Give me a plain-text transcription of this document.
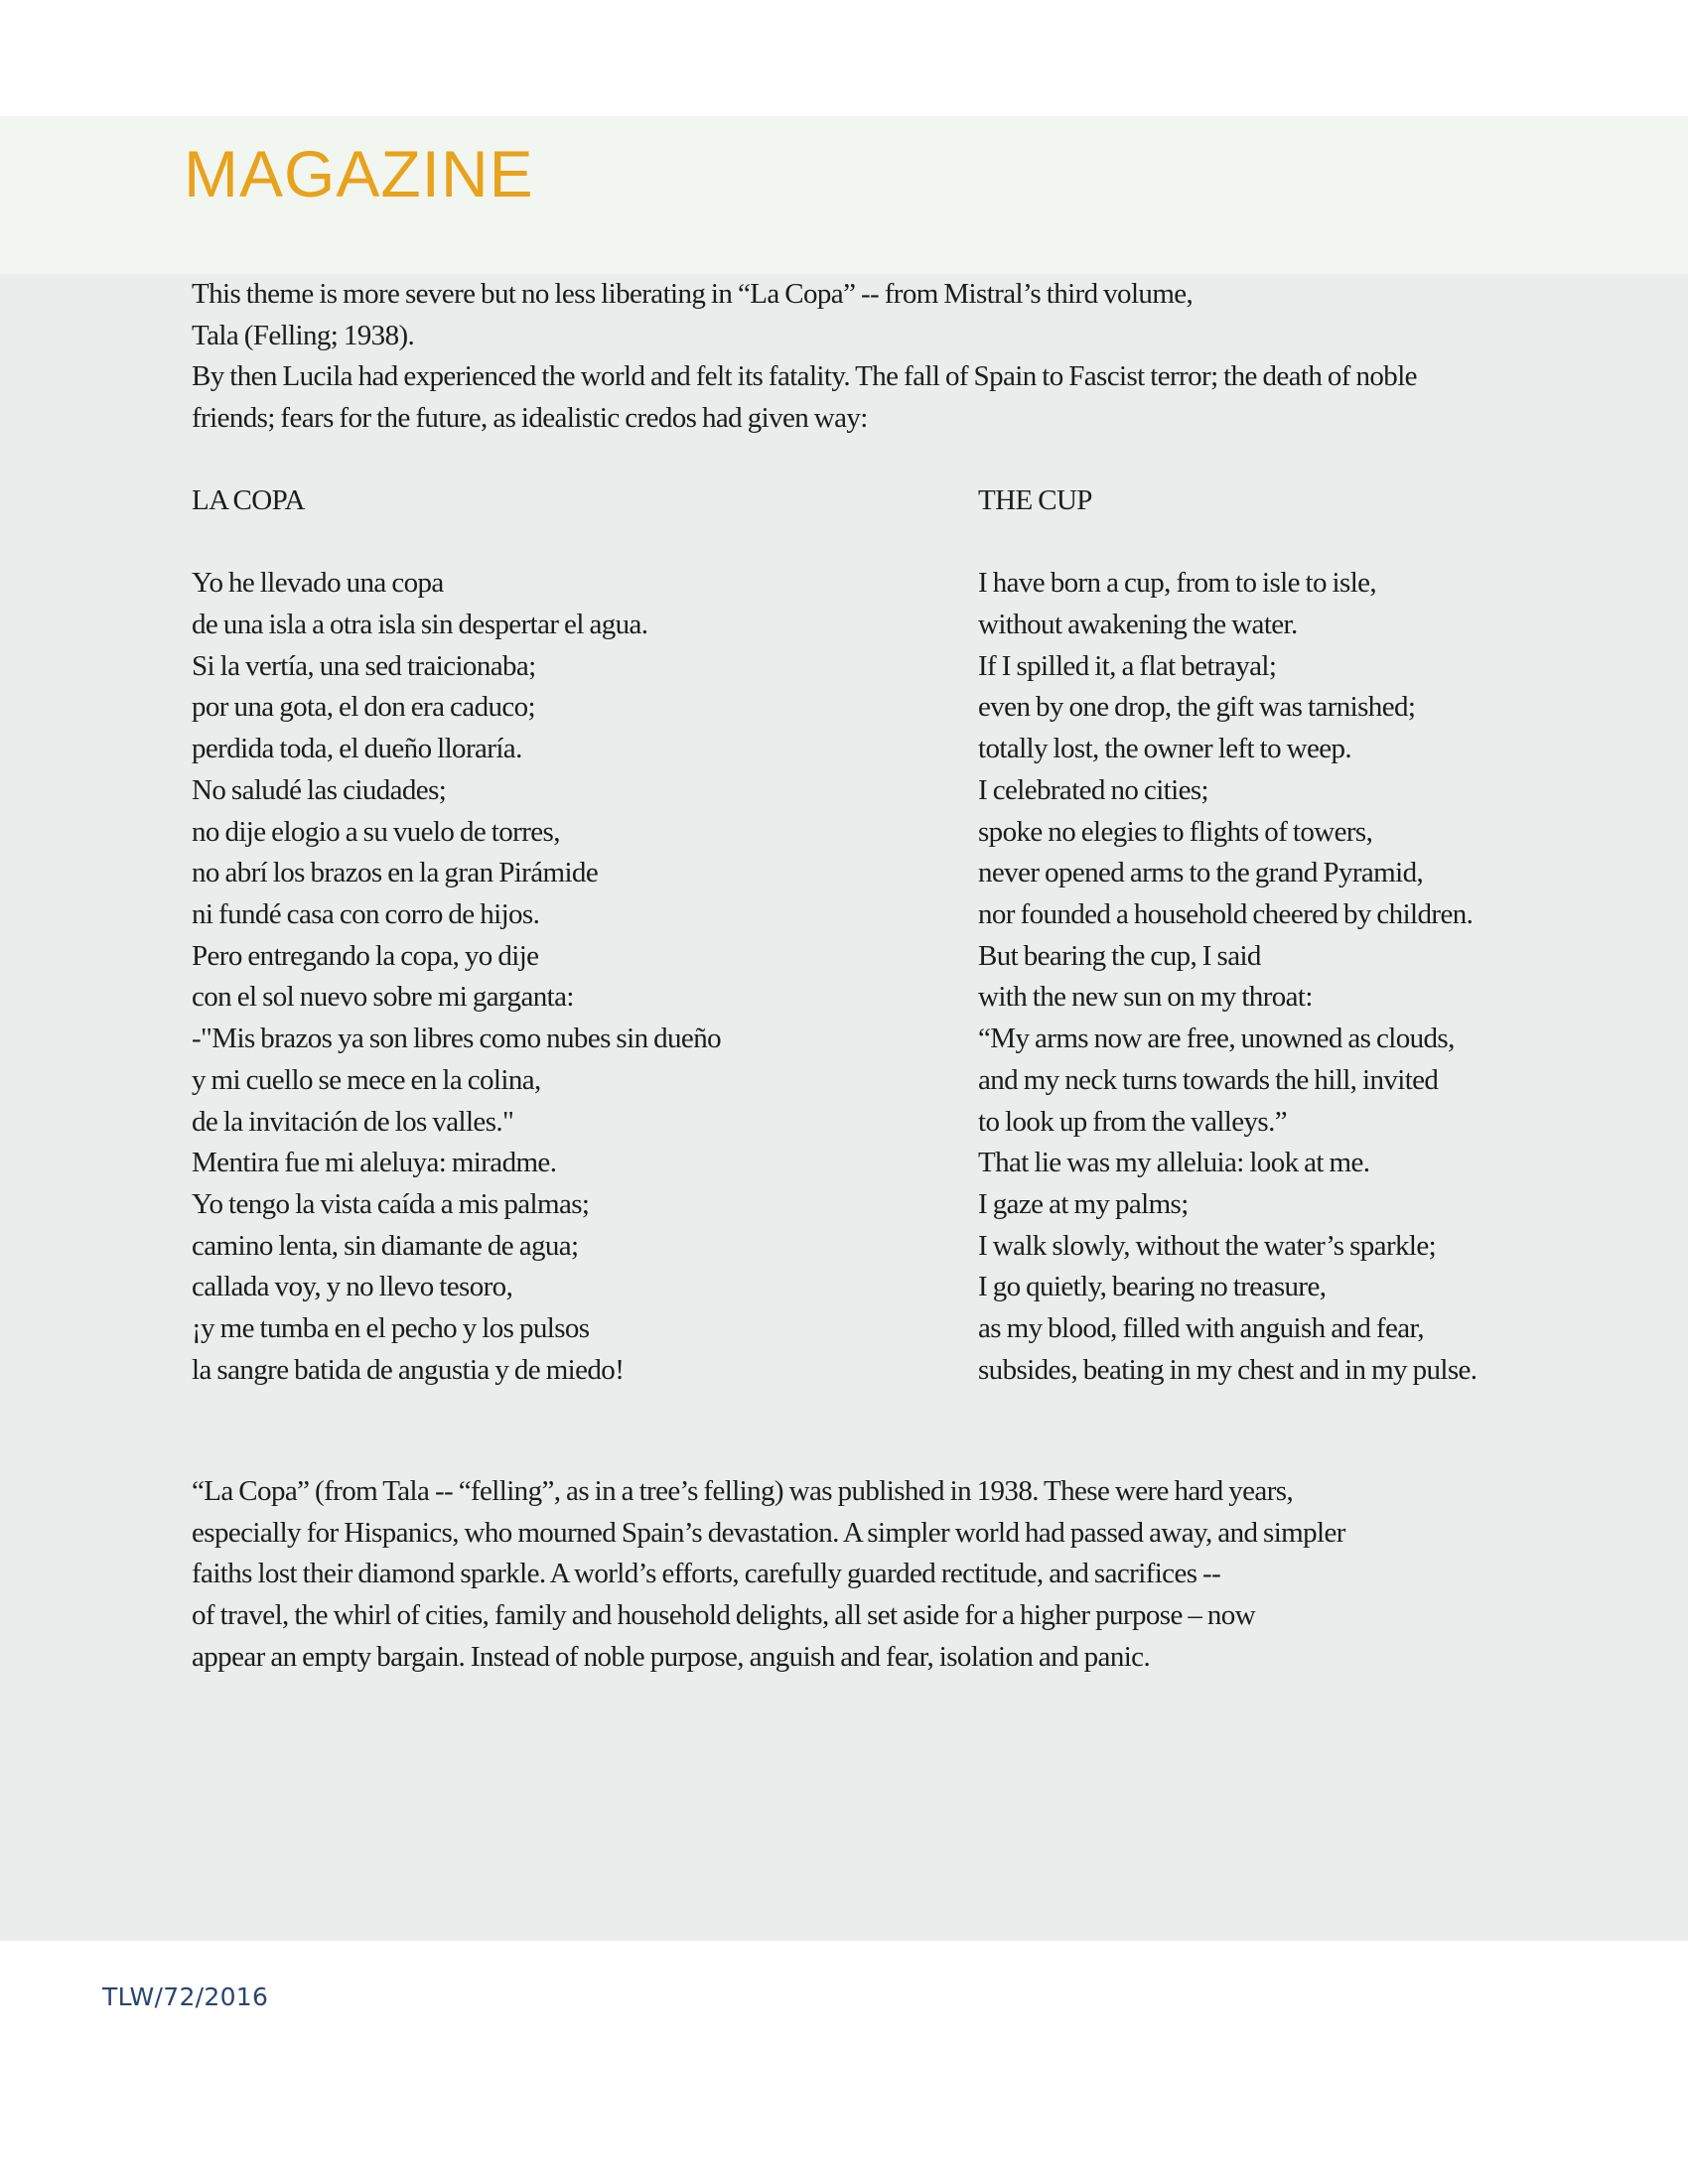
MAGAZINE
This theme is more severe but no less liberating in “La Copa” -- from Mistral’s third volume,
Tala (Felling; 1938).
By then Lucila had experienced the world and felt its fatality. The fall of Spain to Fascist terror; the death of noble
friends; fears for the future, as idealistic credos had given way:
LA COPA
Yo he llevado una copa
de una isla a otra isla sin despertar el agua.
Si la vertía, una sed traicionaba;
por una gota, el don era caduco;
perdida toda, el dueño lloraría.
No saludé las ciudades;
no dije elogio a su vuelo de torres,
no abrí los brazos en la gran Pirámide
ni fundé casa con corro de hijos.
Pero entregando la copa, yo dije
con el sol nuevo sobre mi garganta:
-"Mis brazos ya son libres como nubes sin dueño
y mi cuello se mece en la colina,
de la invitación de los valles."
Mentira fue mi aleluya: miradme.
Yo tengo la vista caída a mis palmas;
camino lenta, sin diamante de agua;
callada voy, y no llevo tesoro,
¡y me tumba en el pecho y los pulsos
la sangre batida de angustia y de miedo!
THE CUP
I have born a cup, from to isle to isle,
without awakening the water.
If I spilled it, a flat betrayal;
even by one drop, the gift was tarnished;
totally lost, the owner left to weep.
I celebrated no cities;
spoke no elegies to flights of towers,
never opened arms to the grand Pyramid,
nor founded a household cheered by children.
But bearing the cup, I said
with the new sun on my throat:
“My arms now are free, unowned as clouds,
and my neck turns towards the hill, invited
to look up from the valleys.”
That lie was my alleluia: look at me.
I gaze at my palms;
I walk slowly, without the water’s sparkle;
I go quietly, bearing no treasure,
as my blood, filled with anguish and fear,
subsides, beating in my chest and in my pulse.
“La Copa” (from Tala -- “felling”, as in a tree’s felling) was published in 1938. These were hard years,
especially for Hispanics, who mourned Spain’s devastation. A simpler world had passed away, and simpler
faiths lost their diamond sparkle. A world’s efforts, carefully guarded rectitude, and sacrifices --
of travel, the whirl of cities, family and household delights, all set aside for a higher purpose – now
appear an empty bargain. Instead of noble purpose, anguish and fear, isolation and panic.
TLW/72/2016
